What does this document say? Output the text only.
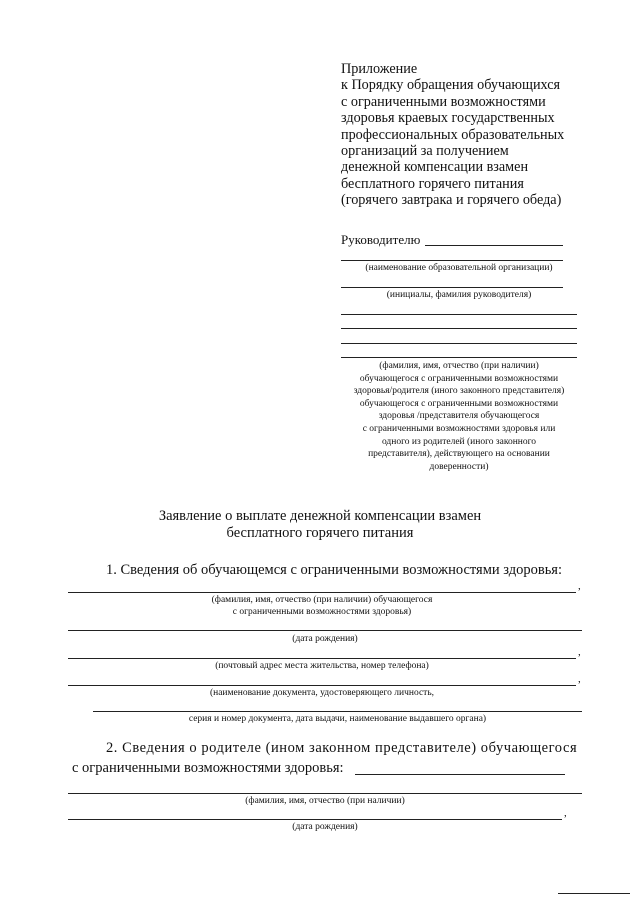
Приложение
к Порядку обращения обучающихся
с ограниченными возможностями
здоровья краевых государственных
профессиональных образовательных
организаций за получением
денежной компенсации взамен
бесплатного горячего питания
(горячего завтрака и горячего обеда)
Руководителю
(наименование образовательной организации)
(инициалы, фамилия руководителя)
(фамилия, имя, отчество (при наличии)
обучающегося с ограниченными возможностями
здоровья/родителя (иного законного представителя)
обучающегося с ограниченными возможностями
здоровья /представителя обучающегося
с ограниченными возможностями здоровья или
одного из родителей (иного законного
представителя), действующего на основании
доверенности)
Заявление о выплате денежной компенсации взамен
бесплатного горячего питания
1. Сведения об обучающемся с ограниченными возможностями здоровья:
,
(фамилия, имя, отчество (при наличии) обучающегося
с ограниченными возможностями здоровья)
(дата рождения)
,
(почтовый адрес места жительства, номер телефона)
,
(наименование документа, удостоверяющего личность,
серия и номер документа, дата выдачи, наименование выдавшего органа)
2. Сведения о родителе (ином законном представителе) обучающегося
с ограниченными возможностями здоровья:
(фамилия, имя, отчество (при наличии)
,
(дата рождения)
